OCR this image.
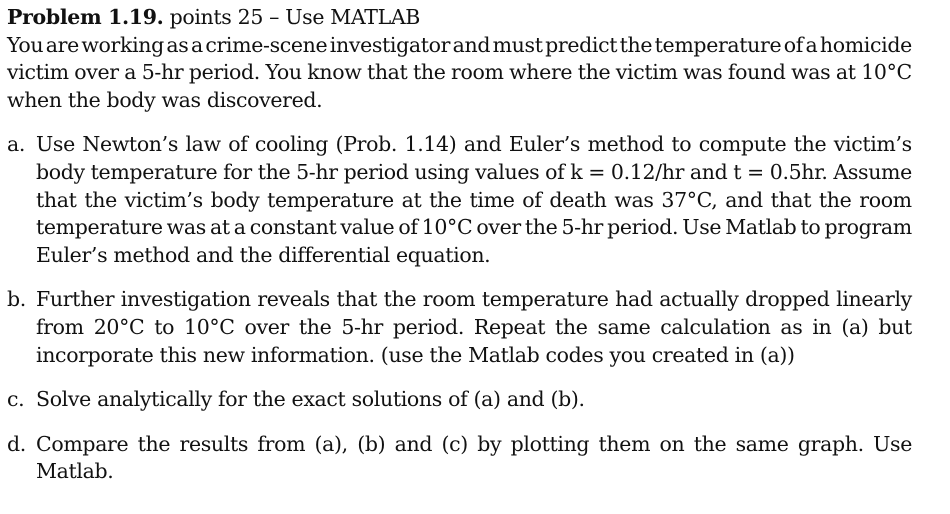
Problem 1.19. points 25 – Use MATLAB
You are working as a crime-scene investigator and must predict the temperature of a homicide
victim over a 5-hr period. You know that the room where the victim was found was at 10°C
when the body was discovered.
a. Use Newton’s law of cooling (Prob. 1.14) and Euler’s method to compute the victim’s
body temperature for the 5-hr period using values of k = 0.12/hr and t = 0.5hr. Assume
that the victim’s body temperature at the time of death was 37°C, and that the room
temperature was at a constant value of 10°C over the 5-hr period. Use Matlab to program
Euler’s method and the differential equation.
b. Further investigation reveals that the room temperature had actually dropped linearly
from 20°C to 10°C over the 5-hr period. Repeat the same calculation as in (a) but
incorporate this new information. (use the Matlab codes you created in (a))
c. Solve analytically for the exact solutions of (a) and (b).
d. Compare the results from (a), (b) and (c) by plotting them on the same graph. Use
Matlab.
